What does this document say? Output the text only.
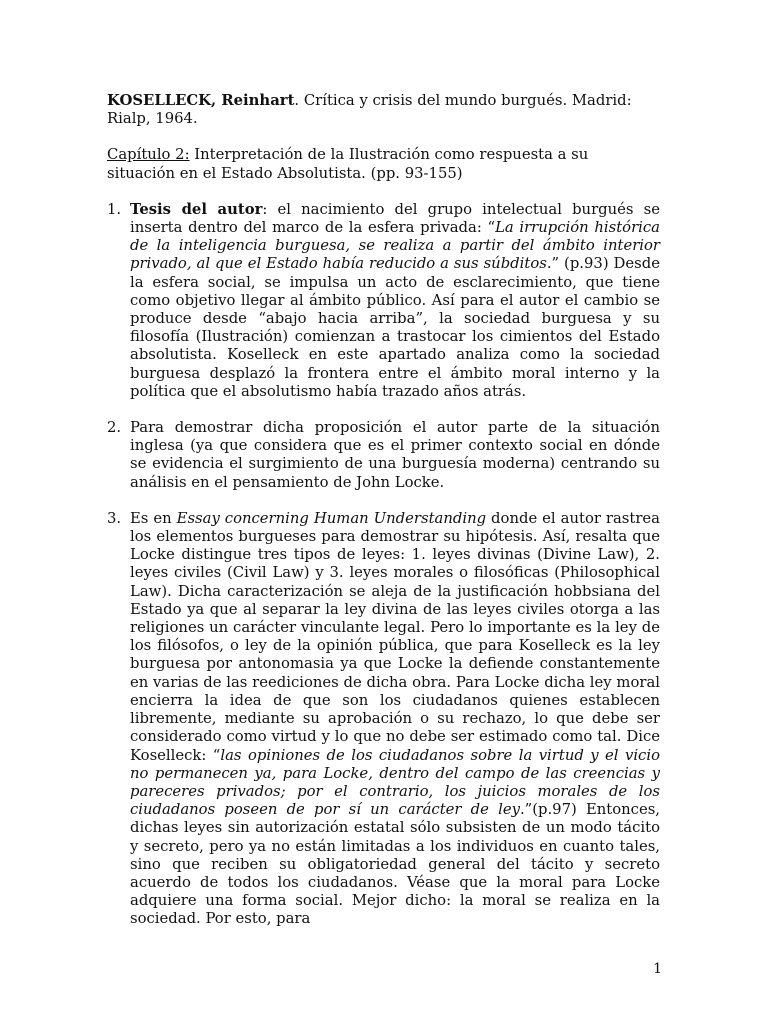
KOSELLECK, Reinhart. Crítica y crisis del mundo burgués. Madrid: Rialp, 1964.

Capítulo 2: Interpretación de la Ilustración como respuesta a su situación en el Estado Absolutista. (pp. 93-155)

1. Tesis del autor: el nacimiento del grupo intelectual burgués se inserta dentro del marco de la esfera privada: “La irrupción histórica de la inteligencia burguesa, se realiza a partir del ámbito interior privado, al que el Estado había reducido a sus súbditos.” (p.93) Desde la esfera social, se impulsa un acto de esclarecimiento, que tiene como objetivo llegar al ámbito público. Así para el autor el cambio se produce desde “abajo hacia arriba”, la sociedad burguesa y su filosofía (Ilustración) comienzan a trastocar los cimientos del Estado absolutista. Koselleck en este apartado analiza como la sociedad burguesa desplazó la frontera entre el ámbito moral interno y la política que el absolutismo había trazado años atrás.
2. Para demostrar dicha proposición el autor parte de la situación inglesa (ya que considera que es el primer contexto social en dónde se evidencia el surgimiento de una burguesía moderna) centrando su análisis en el pensamiento de John Locke.
3. Es en Essay concerning Human Understanding donde el autor rastrea los elementos burgueses para demostrar su hipótesis. Así, resalta que Locke distingue tres tipos de leyes: 1. leyes divinas (Divine Law), 2. leyes civiles (Civil Law) y 3. leyes morales o filosóficas (Philosophical Law). Dicha caracterización se aleja de la justificación hobbsiana del Estado ya que al separar la ley divina de las leyes civiles otorga a las religiones un carácter vinculante legal. Pero lo importante es la ley de los filósofos, o ley de la opinión pública, que para Koselleck es la ley burguesa por antonomasia ya que Locke la defiende constantemente en varias de las reediciones de dicha obra. Para Locke dicha ley moral encierra la idea de que son los ciudadanos quienes establecen libremente, mediante su aprobación o su rechazo, lo que debe ser considerado como virtud y lo que no debe ser estimado como tal. Dice Koselleck: “las opiniones de los ciudadanos sobre la virtud y el vicio no permanecen ya, para Locke, dentro del campo de las creencias y pareceres privados; por el contrario, los juicios morales de los ciudadanos poseen de por sí un carácter de ley.”(p.97) Entonces, dichas leyes sin autorización estatal sólo subsisten de un modo tácito y secreto, pero ya no están limitadas a los individuos en cuanto tales, sino que reciben su obligatoriedad general del tácito y secreto acuerdo de todos los ciudadanos. Véase que la moral para Locke adquiere una forma social. Mejor dicho: la moral se realiza en la sociedad. Por esto, para
1
